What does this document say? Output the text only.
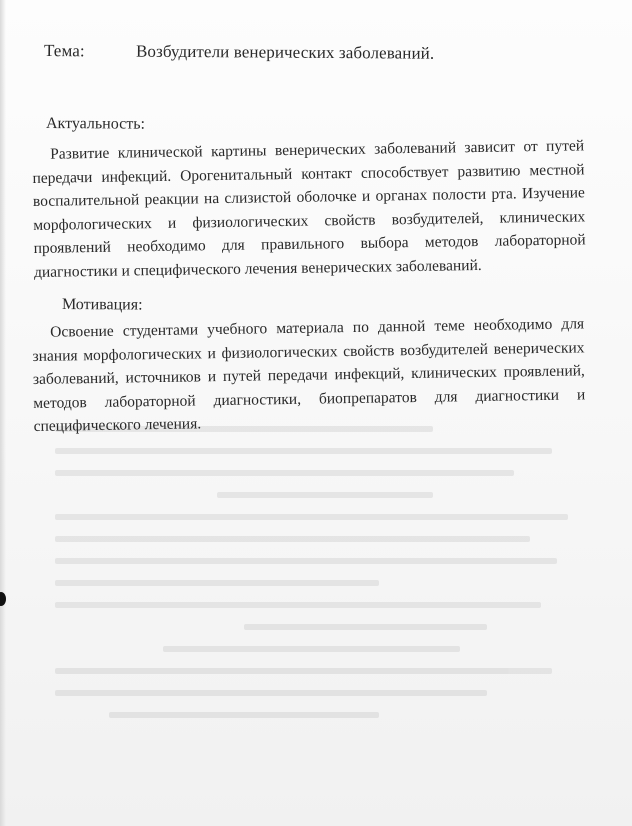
Тема:	Возбудители венерических заболеваний.
Актуальность:
Развитие клинической картины венерических заболеваний зависит от путей передачи инфекций. Орогенитальный контакт способствует развитию местной воспалительной реакции на слизистой оболочке и органах полости рта. Изучение морфологических и физиологических свойств возбудителей, клинических проявлений необходимо для правильного выбора методов лабораторной диагностики и специфического лечения венерических заболеваний.
Мотивация:
Освоение студентами учебного материала по данной теме необходимо для знания морфологических и физиологических свойств возбудителей венерических заболеваний, источников и путей передачи инфекций, клинических проявлений, методов лабораторной диагностики, биопрепаратов для диагностики и специфического лечения.
